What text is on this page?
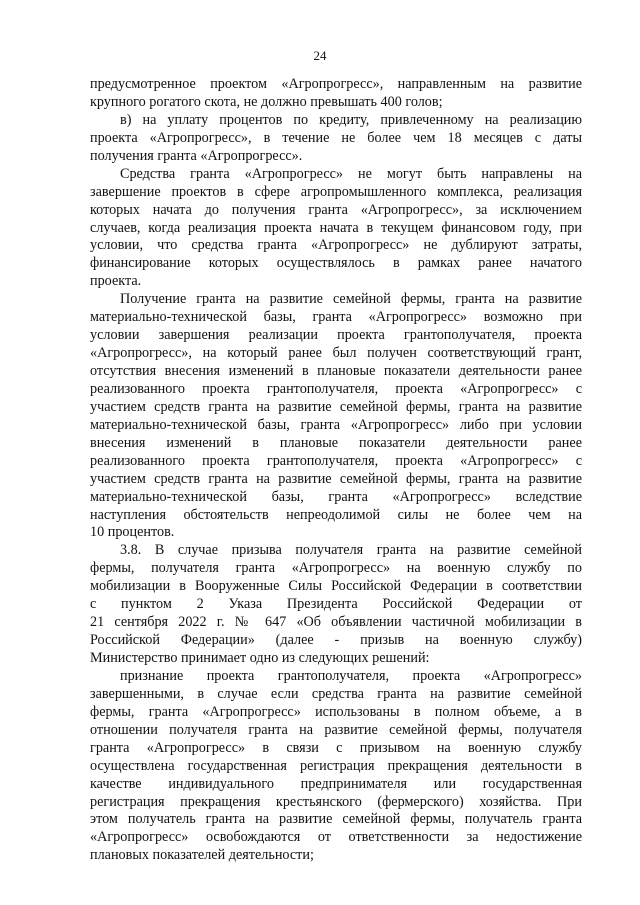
24
предусмотренное проектом «Агропрогресс», направленным на развитие
крупного рогатого скота, не должно превышать 400 голов;
в) на уплату процентов по кредиту, привлеченному на реализацию
проекта «Агропрогресс», в течение не более чем 18 месяцев с даты
получения гранта «Агропрогресс».
Средства гранта «Агропрогресс» не могут быть направлены на
завершение проектов в сфере агропромышленного комплекса, реализация
которых начата до получения гранта «Агропрогресс», за исключением
случаев, когда реализация проекта начата в текущем финансовом году, при
условии, что средства гранта «Агропрогресс» не дублируют затраты,
финансирование которых осуществлялось в рамках ранее начатого
проекта.
Получение гранта на развитие семейной фермы, гранта на развитие
материально-технической базы, гранта «Агропрогресс» возможно при
условии завершения реализации проекта грантополучателя, проекта
«Агропрогресс», на который ранее был получен соответствующий грант,
отсутствия внесения изменений в плановые показатели деятельности ранее
реализованного проекта грантополучателя, проекта «Агропрогресс» с
участием средств гранта на развитие семейной фермы, гранта на развитие
материально-технической базы, гранта «Агропрогресс» либо при условии
внесения изменений в плановые показатели деятельности ранее
реализованного проекта грантополучателя, проекта «Агропрогресс» с
участием средств гранта на развитие семейной фермы, гранта на развитие
материально-технической базы, гранта «Агропрогресс» вследствие
наступления обстоятельств непреодолимой силы не более чем на
10 процентов.
3.8. В случае призыва получателя гранта на развитие семейной
фермы, получателя гранта «Агропрогресс» на военную службу по
мобилизации в Вооруженные Силы Российской Федерации в соответствии
с пунктом 2 Указа Президента Российской Федерации от
21 сентября 2022 г. № 647 «Об объявлении частичной мобилизации в
Российской Федерации» (далее - призыв на военную службу)
Министерство принимает одно из следующих решений:
признание проекта грантополучателя, проекта «Агропрогресс»
завершенными, в случае если средства гранта на развитие семейной
фермы, гранта «Агропрогресс» использованы в полном объеме, а в
отношении получателя гранта на развитие семейной фермы, получателя
гранта «Агропрогресс» в связи с призывом на военную службу
осуществлена государственная регистрация прекращения деятельности в
качестве индивидуального предпринимателя или государственная
регистрация прекращения крестьянского (фермерского) хозяйства. При
этом получатель гранта на развитие семейной фермы, получатель гранта
«Агропрогресс» освобождаются от ответственности за недостижение
плановых показателей деятельности;
